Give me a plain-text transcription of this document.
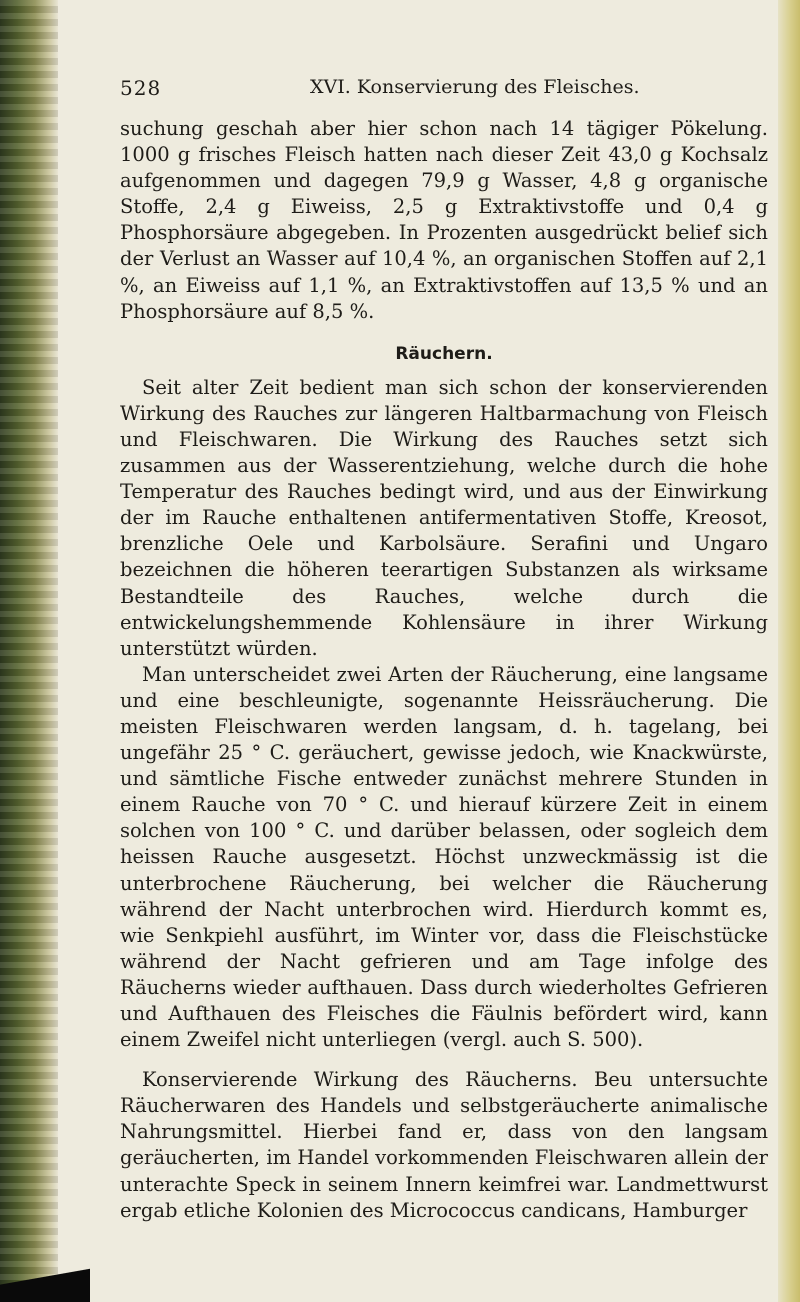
528	XVI. Konservierung des Fleisches.

suchung geschah aber hier schon nach 14 tägiger Pökelung. 1000 g frisches Fleisch hatten nach dieser Zeit 43,0 g Kochsalz aufgenommen und dagegen 79,9 g Wasser, 4,8 g organische Stoffe, 2,4 g Eiweiss, 2,5 g Extraktivstoffe und 0,4 g Phosphorsäure abgegeben. In Prozenten ausgedrückt belief sich der Verlust an Wasser auf 10,4 %, an organischen Stoffen auf 2,1 %, an Eiweiss auf 1,1 %, an Extraktivstoffen auf 13,5 % und an Phosphorsäure auf 8,5 %.

Räuchern.

Seit alter Zeit bedient man sich schon der konservierenden Wirkung des Rauches zur längeren Haltbarmachung von Fleisch und Fleischwaren. Die Wirkung des Rauches setzt sich zusammen aus der Wasserentziehung, welche durch die hohe Temperatur des Rauches bedingt wird, und aus der Einwirkung der im Rauche enthaltenen antifermentativen Stoffe, Kreosot, brenzliche Oele und Karbolsäure. Serafini und Ungaro bezeichnen die höheren teerartigen Substanzen als wirksame Bestandteile des Rauches, welche durch die entwickelungshemmende Kohlensäure in ihrer Wirkung unterstützt würden.

Man unterscheidet zwei Arten der Räucherung, eine langsame und eine beschleunigte, sogenannte Heissräucherung. Die meisten Fleischwaren werden langsam, d. h. tagelang, bei ungefähr 25 ° C. geräuchert, gewisse jedoch, wie Knackwürste, und sämtliche Fische entweder zunächst mehrere Stunden in einem Rauche von 70 ° C. und hierauf kürzere Zeit in einem solchen von 100 ° C. und darüber belassen, oder sogleich dem heissen Rauche ausgesetzt. Höchst unzweckmässig ist die unterbrochene Räucherung, bei welcher die Räucherung während der Nacht unterbrochen wird. Hierdurch kommt es, wie Senkpiehl ausführt, im Winter vor, dass die Fleischstücke während der Nacht gefrieren und am Tage infolge des Räucherns wieder aufthauen. Dass durch wiederholtes Gefrieren und Aufthauen des Fleisches die Fäulnis befördert wird, kann einem Zweifel nicht unterliegen (vergl. auch S. 500).

Konservierende Wirkung des Räucherns. Beu untersuchte Räucherwaren des Handels und selbstgeräucherte animalische Nahrungsmittel. Hierbei fand er, dass von den langsam geräucherten, im Handel vorkommenden Fleischwaren allein der unterachte Speck in seinem Innern keimfrei war. Landmettwurst ergab etliche Kolonien des Micrococcus candicans, Hamburger
